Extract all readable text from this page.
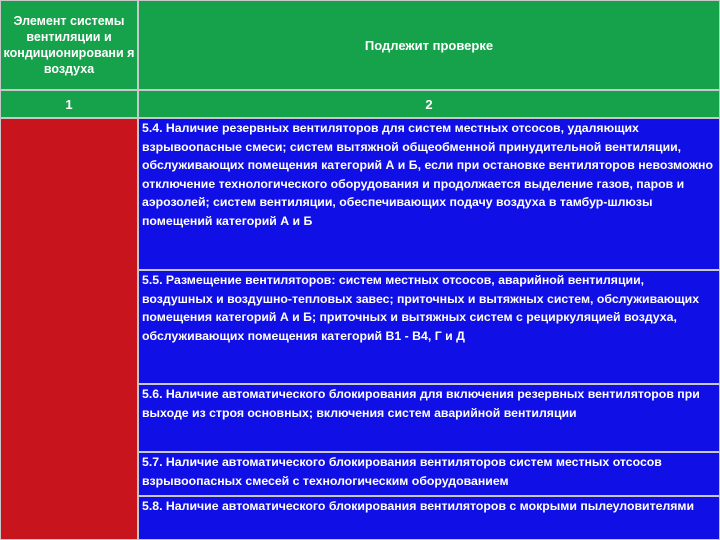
Элемент системы вентиляции и кондиционировани я воздуха
Подлежит проверке
1	2

5.4. Наличие резервных вентиляторов для систем местных отсосов, удаляющих взрывоопасные смеси; систем вытяжной общеобменной принудительной вентиляции, обслуживающих помещения категорий А и Б, если при остановке вентиляторов невозможно отключение технологического оборудования и продолжается выделение газов, паров и аэрозолей; систем вентиляции, обеспечивающих подачу воздуха в тамбур-шлюзы помещений категорий А и Б

5.5. Размещение вентиляторов: систем местных отсосов, аварийной вентиляции, воздушных и воздушно-тепловых завес; приточных и вытяжных систем, обслуживающих помещения категорий А и Б; приточных и вытяжных систем с рециркуляцией воздуха, обслуживающих помещения категорий В1 - В4, Г и Д

5.6. Наличие автоматического блокирования для включения резервных вентиляторов при выходе из строя основных; включения систем аварийной вентиляции

5.7. Наличие автоматического блокирования вентиляторов систем местных отсосов взрывоопасных смесей с технологическим оборудованием

5.8. Наличие автоматического блокирования вентиляторов с мокрыми пылеуловителями
